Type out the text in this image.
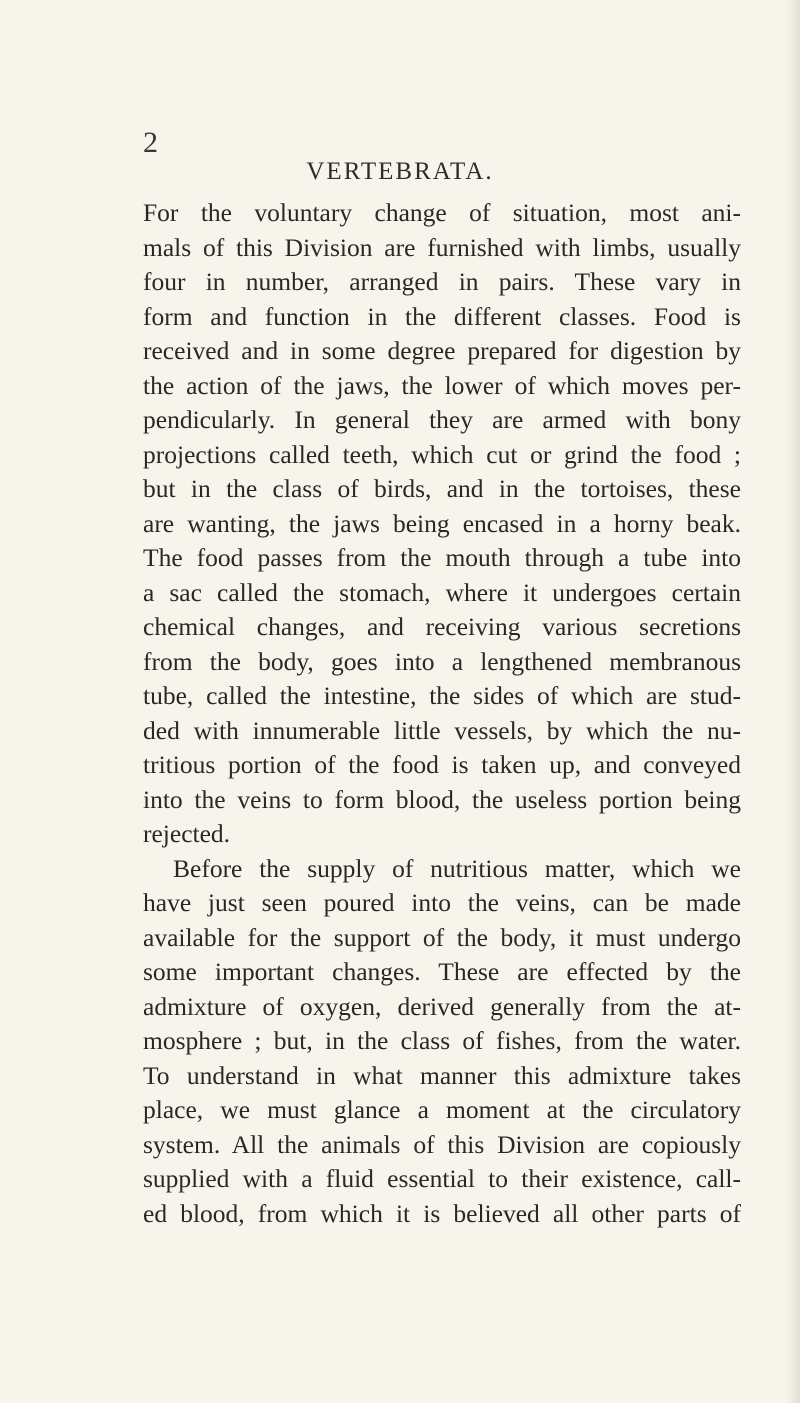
2
VERTEBRATA.
For the voluntary change of situation, most ani-
mals of this Division are furnished with limbs, usually
four in number, arranged in pairs. These vary in
form and function in the different classes. Food is
received and in some degree prepared for digestion by
the action of the jaws, the lower of which moves per-
pendicularly. In general they are armed with bony
projections called teeth, which cut or grind the food ;
but in the class of birds, and in the tortoises, these
are wanting, the jaws being encased in a horny beak.
The food passes from the mouth through a tube into
a sac called the stomach, where it undergoes certain
chemical changes, and receiving various secretions
from the body, goes into a lengthened membranous
tube, called the intestine, the sides of which are stud-
ded with innumerable little vessels, by which the nu-
tritious portion of the food is taken up, and conveyed
into the veins to form blood, the useless portion being
rejected.
Before the supply of nutritious matter, which we
have just seen poured into the veins, can be made
available for the support of the body, it must undergo
some important changes. These are effected by the
admixture of oxygen, derived generally from the at-
mosphere ; but, in the class of fishes, from the water.
To understand in what manner this admixture takes
place, we must glance a moment at the circulatory
system. All the animals of this Division are copiously
supplied with a fluid essential to their existence, call-
ed blood, from which it is believed all other parts of
